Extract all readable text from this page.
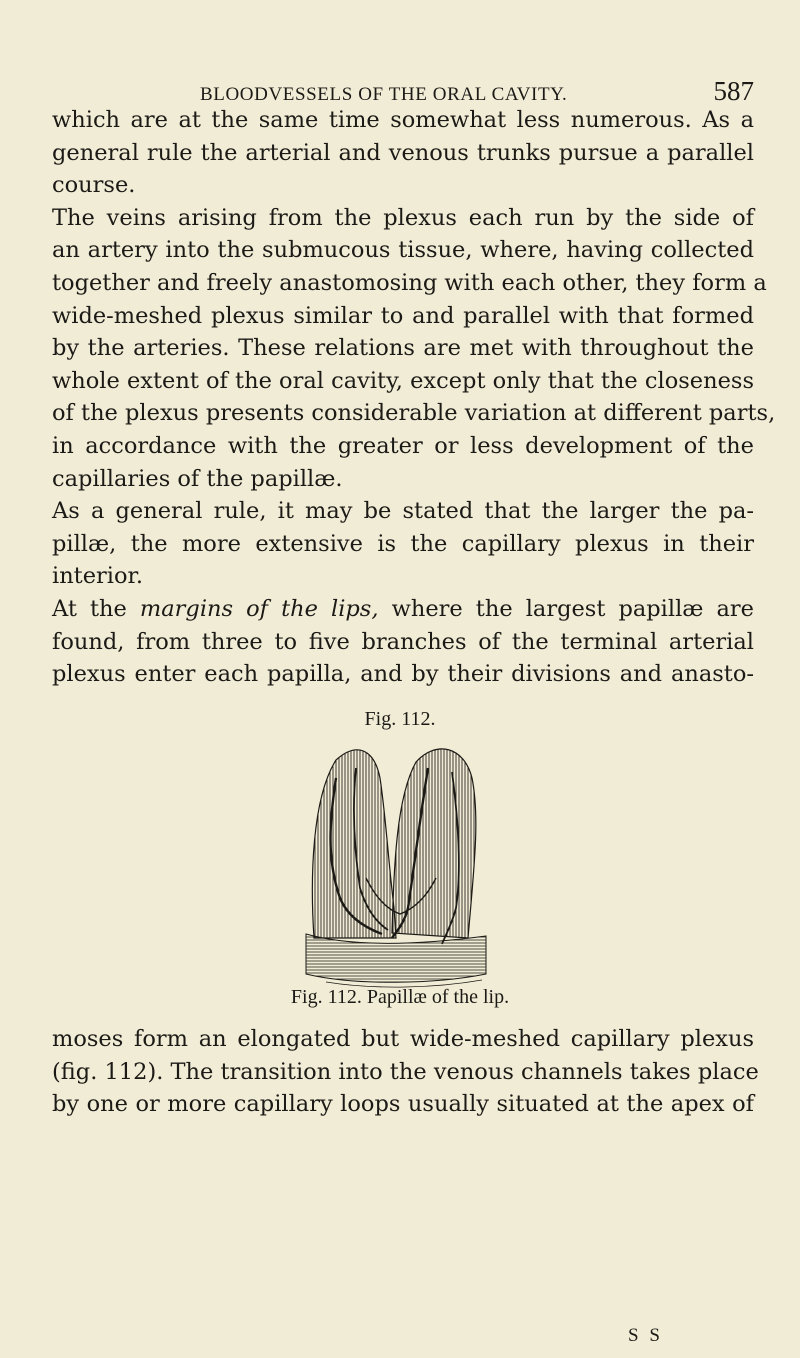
BLOODVESSELS OF THE ORAL CAVITY.	587
which are at the same time somewhat less numerous. As a
general rule the arterial and venous trunks pursue a parallel
course.
The veins arising from the plexus each run by the side of
an artery into the submucous tissue, where, having collected
together and freely anastomosing with each other, they form a
wide-meshed plexus similar to and parallel with that formed
by the arteries. These relations are met with throughout the
whole extent of the oral cavity, except only that the closeness
of the plexus presents considerable variation at different parts,
in accordance with the greater or less development of the
capillaries of the papillæ.
As a general rule, it may be stated that the larger the pa-
pillæ, the more extensive is the capillary plexus in their
interior.
At the margins of the lips, where the largest papillæ are
found, from three to five branches of the terminal arterial
plexus enter each papilla, and by their divisions and anasto-
Fig. 112.
Fig. 112. Papillæ of the lip.
moses form an elongated but wide-meshed capillary plexus
(fig. 112). The transition into the venous channels takes place
by one or more capillary loops usually situated at the apex of
S S
